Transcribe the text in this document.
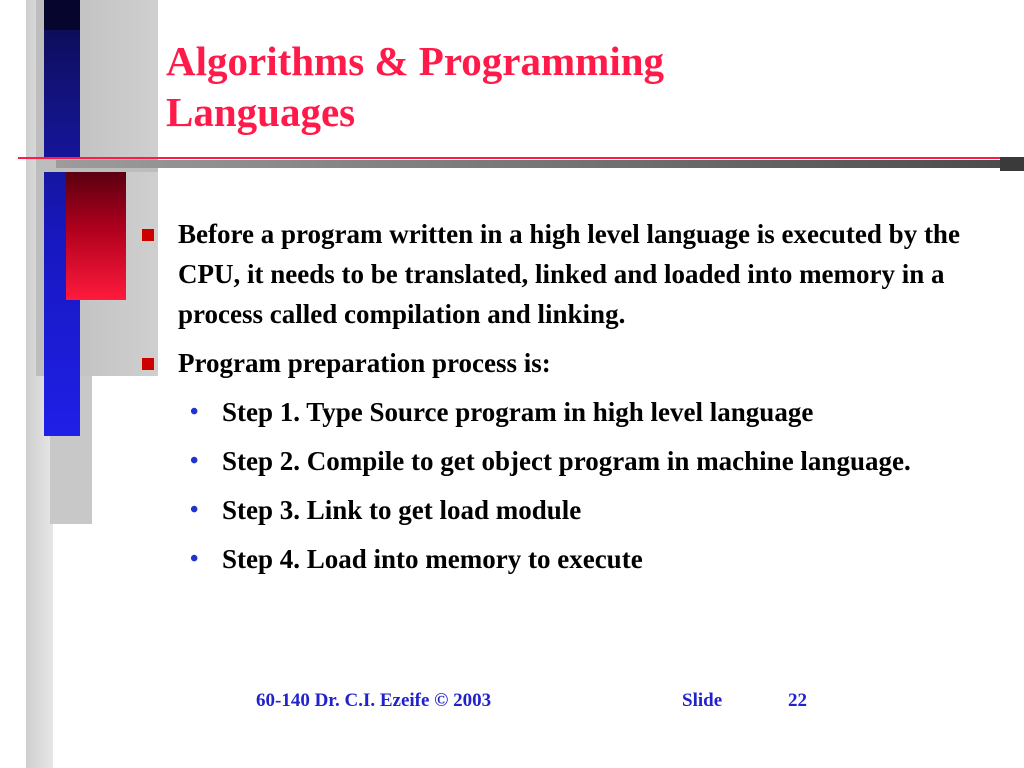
Algorithms & Programming
Languages
Before a program written in a high level language is executed by the CPU, it needs to be translated, linked and loaded into memory in a process called compilation and linking.
Program preparation process is:
• Step 1. Type Source program in high level language
• Step 2. Compile to get object program in machine language.
• Step 3. Link to get load module
• Step 4. Load into memory to execute
60-140 Dr. C.I. Ezeife © 2003	Slide	22
